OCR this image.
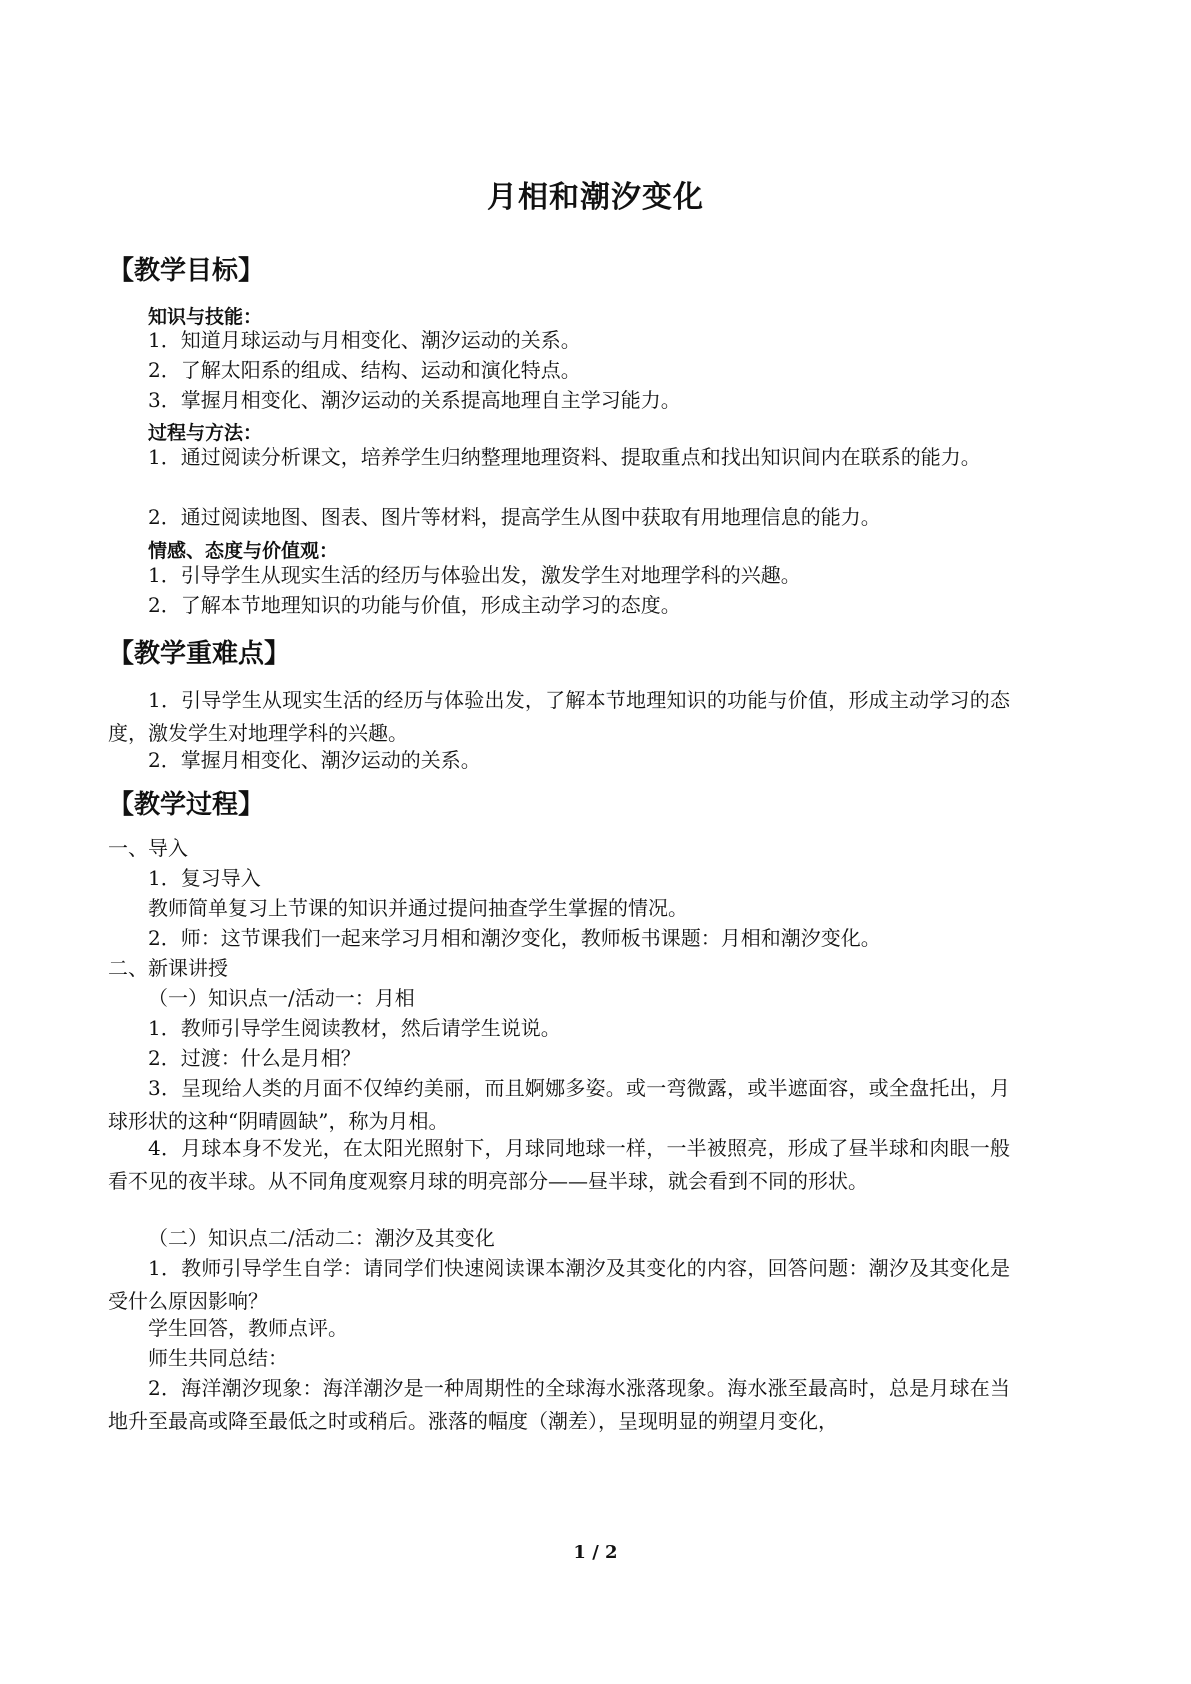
月相和潮汐变化
【教学目标】
知识与技能：
1．知道月球运动与月相变化、潮汐运动的关系。
2．了解太阳系的组成、结构、运动和演化特点。
3．掌握月相变化、潮汐运动的关系提高地理自主学习能力。
过程与方法：

1．通过阅读分析课文，培养学生归纳整理地理资料、提取重点和找出知识间内在联系的能力。

2．通过阅读地图、图表、图片等材料，提高学生从图中获取有用地理信息的能力。
情感、态度与价值观：
1．引导学生从现实生活的经历与体验出发，激发学生对地理学科的兴趣。
2．了解本节地理知识的功能与价值，形成主动学习的态度。
【教学重难点】

1．引导学生从现实生活的经历与体验出发，了解本节地理知识的功能与价值，形成主动学习的态度，激发学生对地理学科的兴趣。

2．掌握月相变化、潮汐运动的关系。
【教学过程】
一、导入
1．复习导入
教师简单复习上节课的知识并通过提问抽查学生掌握的情况。
2．师：这节课我们一起来学习月相和潮汐变化，教师板书课题：月相和潮汐变化。
二、新课讲授
（一）知识点一/活动一：月相
1．教师引导学生阅读教材，然后请学生说说。
2．过渡：什么是月相？

3．呈现给人类的月面不仅绰约美丽，而且婀娜多姿。或一弯微露，或半遮面容，或全盘托出，月球形状的这种“阴晴圆缺”，称为月相。

4．月球本身不发光，在太阳光照射下，月球同地球一样，一半被照亮，形成了昼半球和肉眼一般看不见的夜半球。从不同角度观察月球的明亮部分——昼半球，就会看到不同的形状。

（二）知识点二/活动二：潮汐及其变化

1．教师引导学生自学：请同学们快速阅读课本潮汐及其变化的内容，回答问题：潮汐及其变化是受什么原因影响？

学生回答，教师点评。
师生共同总结：

2．海洋潮汐现象：海洋潮汐是一种周期性的全球海水涨落现象。海水涨至最高时，总是月球在当地升至最高或降至最低之时或稍后。涨落的幅度（潮差），呈现明显的朔望月变化，

1 / 2
